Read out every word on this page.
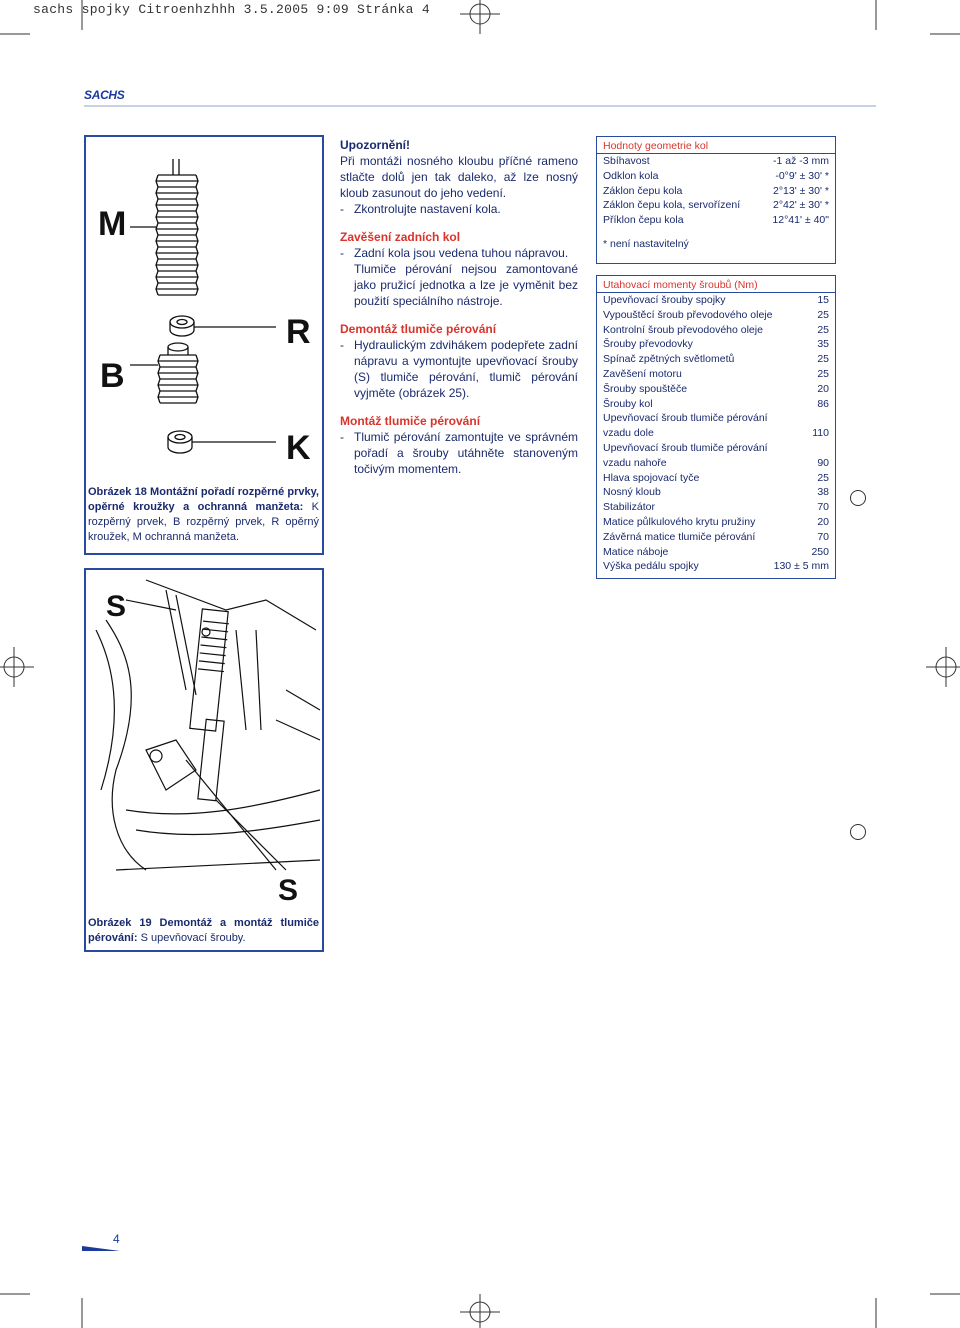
sachs spojky Citroenhzhhh 3.5.2005 9:09 Stránka 4
SACHS
M
B
R
K
Obrázek 18 Montážní pořadí rozpěrné prvky, opěrné kroužky a ochranná manžeta: K rozpěrný prvek, B rozpěrný prvek, R opěrný kroužek, M ochranná manžeta.
S
S
Obrázek 19 Demontáž a montáž tlumiče pérování: S upevňovací šrouby.
Upozornění!

Při montáži nosného kloubu příčné rameno stlačte dolů jen tak daleko, až lze nosný kloub zasunout do jeho vedení.

- Zkontrolujte nastavení kola.

Zavěšení zadních kol

- Zadní kola jsou vedena tuhou nápravou.

Tlumiče pérování nejsou zamontované jako pružicí jednotka a lze je vyměnit bez použití speciálního nástroje.

Demontáž tlumiče pérování

- Hydraulickým zdvihákem podepřete zadní nápravu a vymontujte upevňovací šrouby (S) tlumiče pérování, tlumič pérování vyjměte (obrázek 25).

Montáž tlumiče pérování

- Tlumič pérování zamontujte ve správném pořadí a šrouby utáhněte stanoveným točivým momentem.

Hodnoty geometrie kol
Sbíhavost	-1 až -3 mm
Odklon kola	-0°9' ± 30' *
Záklon čepu kola	2°13' ± 30' *
Záklon čepu kola, servořízení	2°42' ± 30' *
Příklon čepu kola	12°41' ± 40"
* není nastavitelný
Utahovací momenty šroubů (Nm)
Upevňovací šrouby spojky	15
Vypouštěcí šroub převodového oleje	25
Kontrolní šroub převodového oleje	25
Šrouby převodovky	35
Spínač zpětných světlometů	25
Zavěšení motoru	25
Šrouby spouštěče	20
Šrouby kol	86
Upevňovací šroub tlumiče pérování
vzadu dole	110
Upevňovací šroub tlumiče pérování
vzadu nahoře	90
Hlava spojovací tyče	25
Nosný kloub	38
Stabilizátor	70
Matice půlkulového krytu pružiny	20
Závěrná matice tlumiče pérování	70
Matice náboje	250
Výška pedálu spojky	130 ± 5 mm
4
